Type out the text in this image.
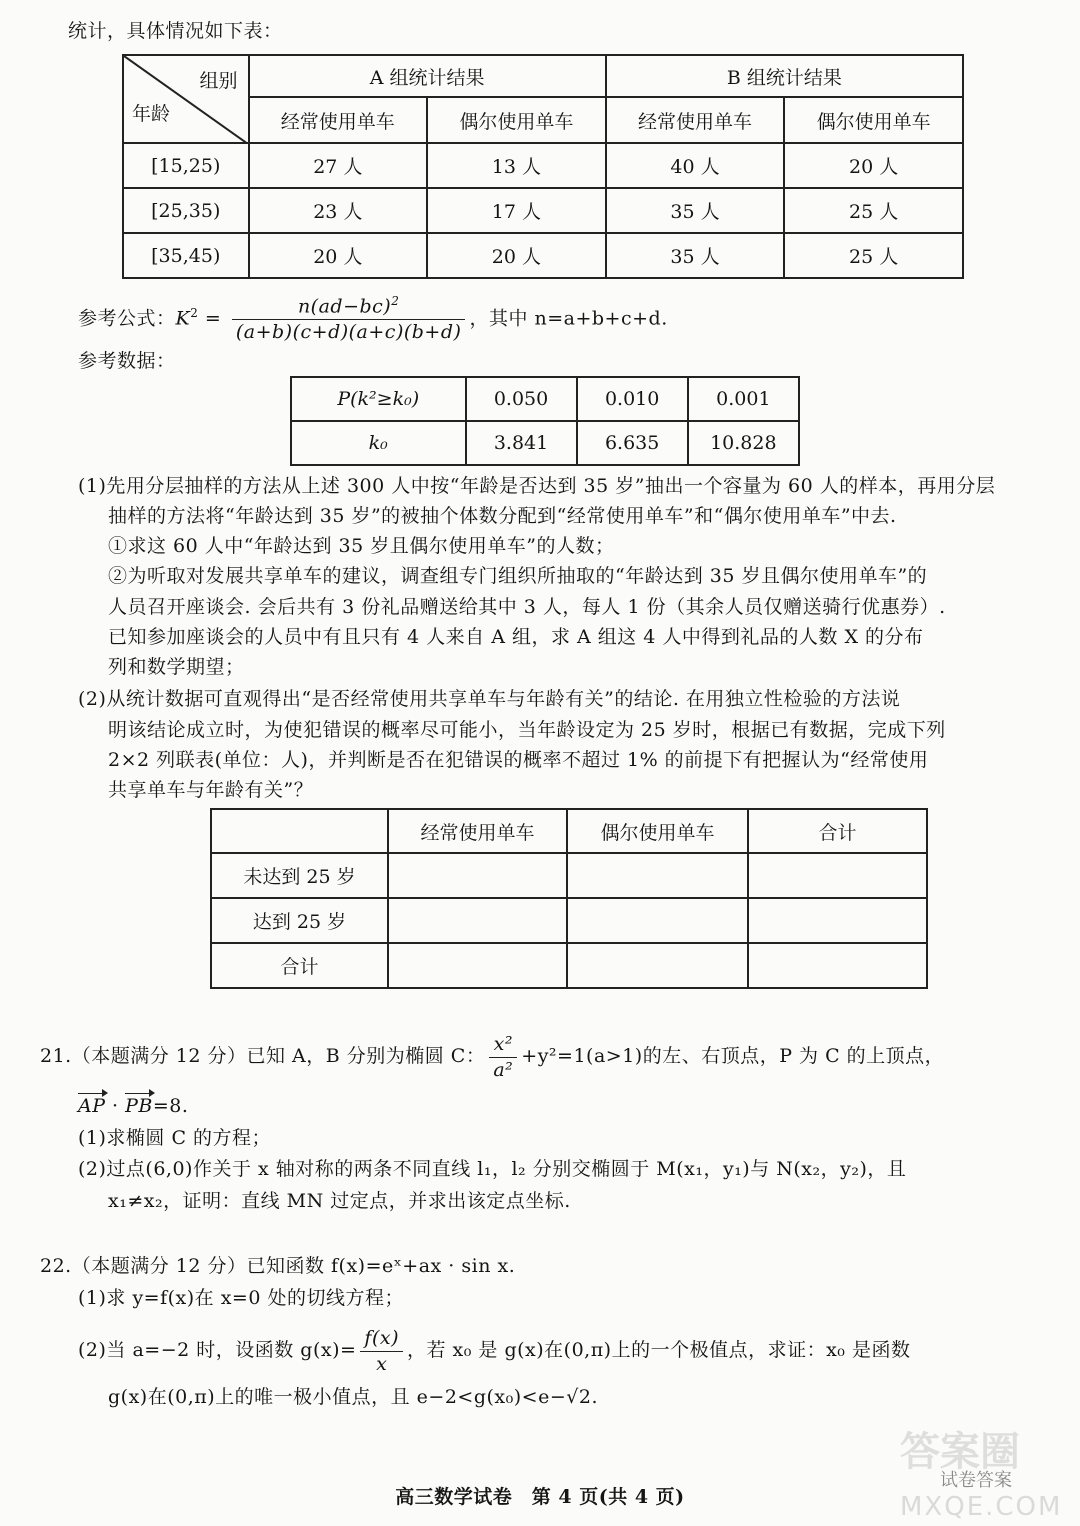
统计，具体情况如下表：
组别
年龄	A 组统计结果		B 组统计结果	
	经常使用单车	偶尔使用单车	经常使用单车	偶尔使用单车
[15,25)	27 人	13 人	40 人	20 人
[25,35)	23 人	17 人	35 人	25 人
[35,45)	20 人	20 人	35 人	25 人
参考公式：$K^2 = \frac{n(ad-bc)^2}{(a+b)(c+d)(a+c)(b+d)}$ ，其中 n=a+b+c+d.
参考数据：
P(k²≥k₀)	0.050	0.010	0.001
k₀	3.841	6.635	10.828
(1)先用分层抽样的方法从上述 300 人中按“年龄是否达到 35 岁”抽出一个容量为 60 人的样本，再用分层
抽样的方法将“年龄达到 35 岁”的被抽个体数分配到“经常使用单车”和“偶尔使用单车”中去.
①求这 60 人中“年龄达到 35 岁且偶尔使用单车”的人数；
②为听取对发展共享单车的建议，调查组专门组织所抽取的“年龄达到 35 岁且偶尔使用单车”的
人员召开座谈会. 会后共有 3 份礼品赠送给其中 3 人，每人 1 份（其余人员仅赠送骑行优惠券）.
已知参加座谈会的人员中有且只有 4 人来自 A 组，求 A 组这 4 人中得到礼品的人数 X 的分布
列和数学期望；
(2)从统计数据可直观得出“是否经常使用共享单车与年龄有关”的结论. 在用独立性检验的方法说
明该结论成立时，为使犯错误的概率尽可能小，当年龄设定为 25 岁时，根据已有数据，完成下列
2×2 列联表(单位：人)，并判断是否在犯错误的概率不超过 1% 的前提下有把握认为“经常使用
共享单车与年龄有关”？
	经常使用单车	偶尔使用单车	合计
未达到 25 岁			
达到 25 岁			
合计			
21.（本题满分 12 分）已知 A，B 分别为椭圆 C： $\frac{\text{x²}}{\text{a²}} +y^2=1(a>1)$的左、右顶点，P 为 C 的上顶点，
AP · PB=8.
(1)求椭圆 C 的方程；
(2)过点(6,0)作关于 x 轴对称的两条不同直线 l₁，l₂ 分别交椭圆于 M(x₁，y₁)与 N(x₂，y₂)，且
x₁≠x₂，证明：直线 MN 过定点，并求出该定点坐标.
22.（本题满分 12 分）已知函数 f(x)=eˣ+ax · sin x.
(1)求 y=f(x)在 x=0 处的切线方程；
(2)当 a=−2 时，设函数 $g(x)= \frac{f(x)}{x}$ ，若 x₀ 是 g(x)在(0,π)上的一个极值点，求证：x₀ 是函数
g(x)在(0,π)上的唯一极小值点，且 e−2<g(x₀)<e−√2.
高三数学试卷　第 4 页(共 4 页)
答案圈
试卷答案
MXQE.COM
